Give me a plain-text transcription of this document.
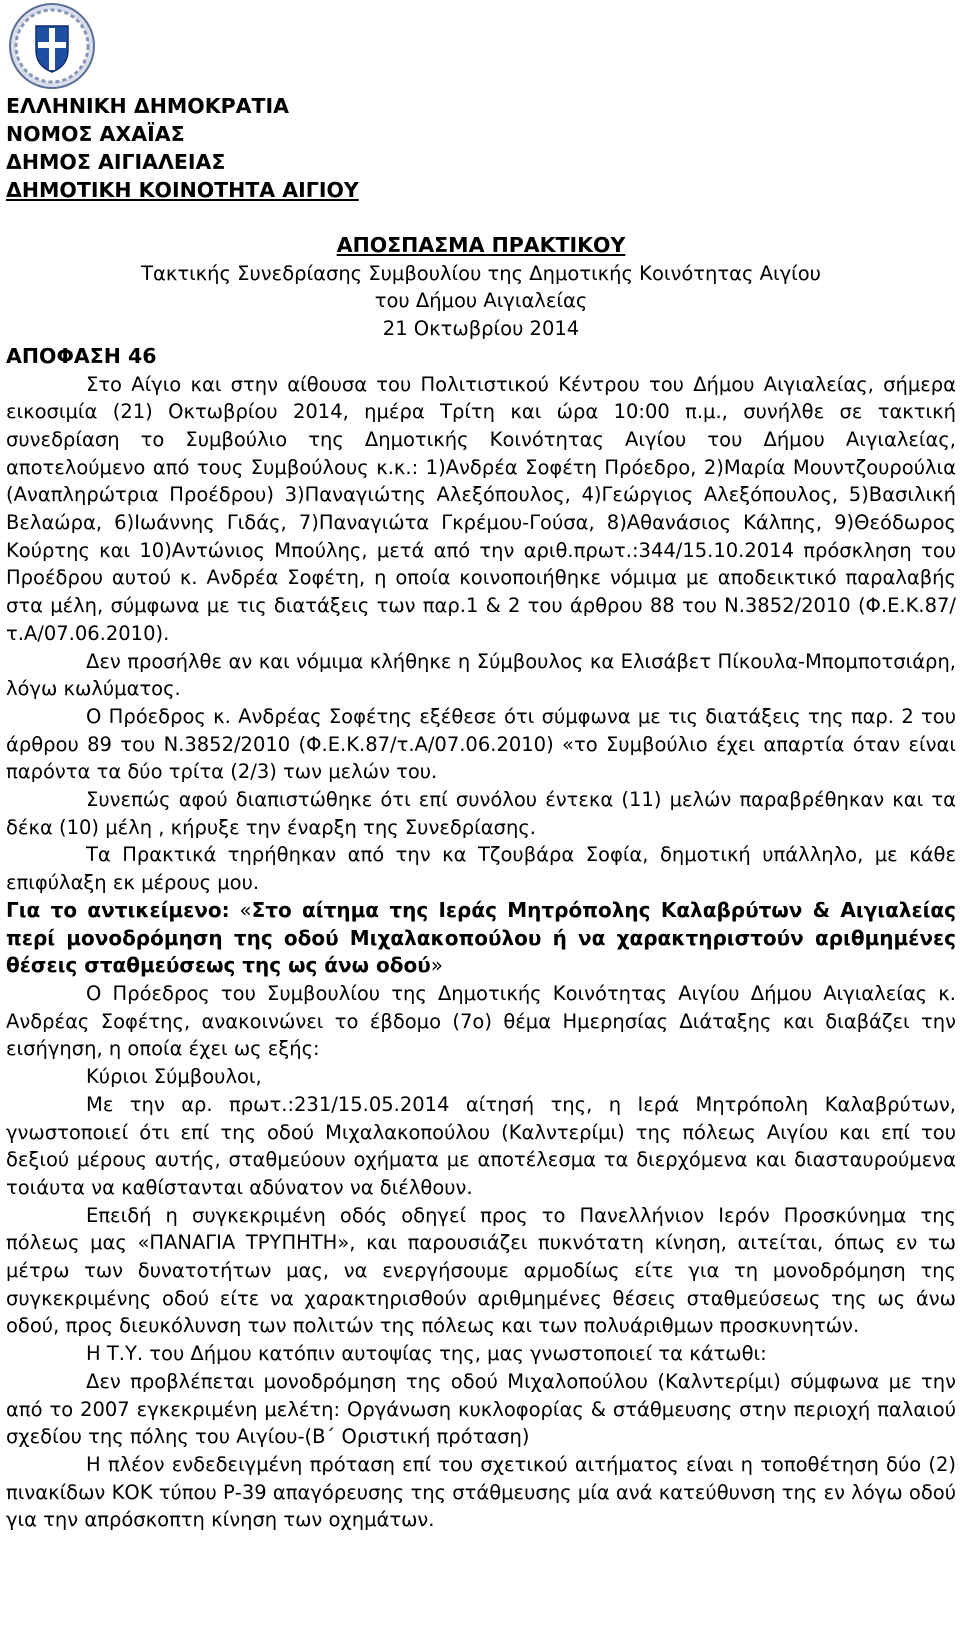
ΕΛΛΗΝΙΚΗ ΔΗΜΟΚΡΑΤΙΑ
ΝΟΜΟΣ ΑΧΑΪΑΣ
ΔΗΜΟΣ ΑΙΓΙΑΛΕΙΑΣ
ΔΗΜΟΤΙΚΗ ΚΟΙΝΟΤΗΤΑ ΑΙΓΙΟΥ
ΑΠΟΣΠΑΣΜΑ ΠΡΑΚΤΙΚΟΥ
Τακτικής Συνεδρίασης Συμβουλίου της Δημοτικής Κοινότητας Αιγίου
του Δήμου Αιγιαλείας
21 Οκτωβρίου 2014
ΑΠΟΦΑΣΗ 46
Στο Αίγιο και στην αίθουσα του Πολιτιστικού Κέντρου του Δήμου Αιγιαλείας, σήμερα εικοσιμία (21) Οκτωβρίου 2014, ημέρα Τρίτη και ώρα 10:00 π.μ., συνήλθε σε τακτική συνεδρίαση το Συμβούλιο της Δημοτικής Κοινότητας Αιγίου του Δήμου Αιγιαλείας, αποτελούμενο από τους Συμβούλους κ.κ.: 1)Ανδρέα Σοφέτη Πρόεδρο, 2)Μαρία Μουντζουρούλια (Αναπληρώτρια Προέδρου) 3)Παναγιώτης Αλεξόπουλος, 4)Γεώργιος Αλεξόπουλος, 5)Βασιλική Βελαώρα, 6)Ιωάννης Γιδάς, 7)Παναγιώτα Γκρέμου-Γούσα, 8)Αθανάσιος Κάλπης, 9)Θεόδωρος Κούρτης και 10)Αντώνιος Μπούλης, μετά από την αριθ.πρωτ.:344/15.10.2014 πρόσκληση του Προέδρου αυτού κ. Ανδρέα Σοφέτη, η οποία κοινοποιήθηκε νόμιμα με αποδεικτικό παραλαβής στα μέλη, σύμφωνα με τις διατάξεις των παρ.1 & 2 του άρθρου 88 του Ν.3852/2010 (Φ.Ε.Κ.87/τ.Α/07.06.2010).
Δεν προσήλθε αν και νόμιμα κλήθηκε η Σύμβουλος κα Ελισάβετ Πίκουλα-Μπομποτσιάρη, λόγω κωλύματος.
Ο Πρόεδρος κ. Ανδρέας Σοφέτης εξέθεσε ότι σύμφωνα με τις διατάξεις της παρ. 2 του άρθρου 89 του Ν.3852/2010 (Φ.Ε.Κ.87/τ.Α/07.06.2010) «το Συμβούλιο έχει απαρτία όταν είναι παρόντα τα δύο τρίτα (2/3) των μελών του.
Συνεπώς αφού διαπιστώθηκε ότι επί συνόλου έντεκα (11) μελών παραβρέθηκαν και τα δέκα (10) μέλη , κήρυξε την έναρξη της Συνεδρίασης.
Τα Πρακτικά τηρήθηκαν από την κα Τζουβάρα Σοφία, δημοτική υπάλληλο, με κάθε επιφύλαξη εκ μέρους μου.
Για το αντικείμενο: «Στο αίτημα της Ιεράς Μητρόπολης Καλαβρύτων & Αιγιαλείας περί μονοδρόμηση της οδού Μιχαλακοπούλου ή να χαρακτηριστούν αριθμημένες θέσεις σταθμεύσεως της ως άνω οδού»
Ο Πρόεδρος του Συμβουλίου της Δημοτικής Κοινότητας Αιγίου Δήμου Αιγιαλείας κ. Ανδρέας Σοφέτης, ανακοινώνει το έβδομο (7ο) θέμα Ημερησίας Διάταξης και διαβάζει την εισήγηση, η οποία έχει ως εξής:
Κύριοι Σύμβουλοι,
Με την αρ. πρωτ.:231/15.05.2014 αίτησή της, η Ιερά Μητρόπολη Καλαβρύτων, γνωστοποιεί ότι επί της οδού Μιχαλακοπούλου (Καλντερίμι) της πόλεως Αιγίου και επί του δεξιού μέρους αυτής, σταθμεύουν οχήματα με αποτέλεσμα τα διερχόμενα και διασταυρούμενα τοιάυτα να καθίστανται αδύνατον να διέλθουν.
Επειδή η συγκεκριμένη οδός οδηγεί προς το Πανελλήνιον Ιερόν Προσκύνημα της πόλεως μας «ΠΑΝΑΓΙΑ ΤΡΥΠΗΤΗ», και παρουσιάζει πυκνότατη κίνηση, αιτείται, όπως εν τω μέτρω των δυνατοτήτων μας, να ενεργήσουμε αρμοδίως είτε για τη μονοδρόμηση της συγκεκριμένης οδού είτε να χαρακτηρισθούν αριθμημένες θέσεις σταθμεύσεως της ως άνω οδού, προς διευκόλυνση των πολιτών της πόλεως και των πολυάριθμων προσκυνητών.
Η Τ.Υ. του Δήμου κατόπιν αυτοψίας της, μας γνωστοποιεί τα κάτωθι:
Δεν προβλέπεται μονοδρόμηση της οδού Μιχαλοπούλου (Καλντερίμι) σύμφωνα με την από το 2007 εγκεκριμένη μελέτη: Οργάνωση κυκλοφορίας & στάθμευσης στην περιοχή παλαιού σχεδίου της πόλης του Αιγίου-(Β΄ Οριστική πρόταση)
Η πλέον ενδεδειγμένη πρόταση επί του σχετικού αιτήματος είναι η τοποθέτηση δύο (2) πινακίδων ΚΟΚ τύπου Ρ-39 απαγόρευσης της στάθμευσης μία ανά κατεύθυνση της εν λόγω οδού για την απρόσκοπτη κίνηση των οχημάτων.
